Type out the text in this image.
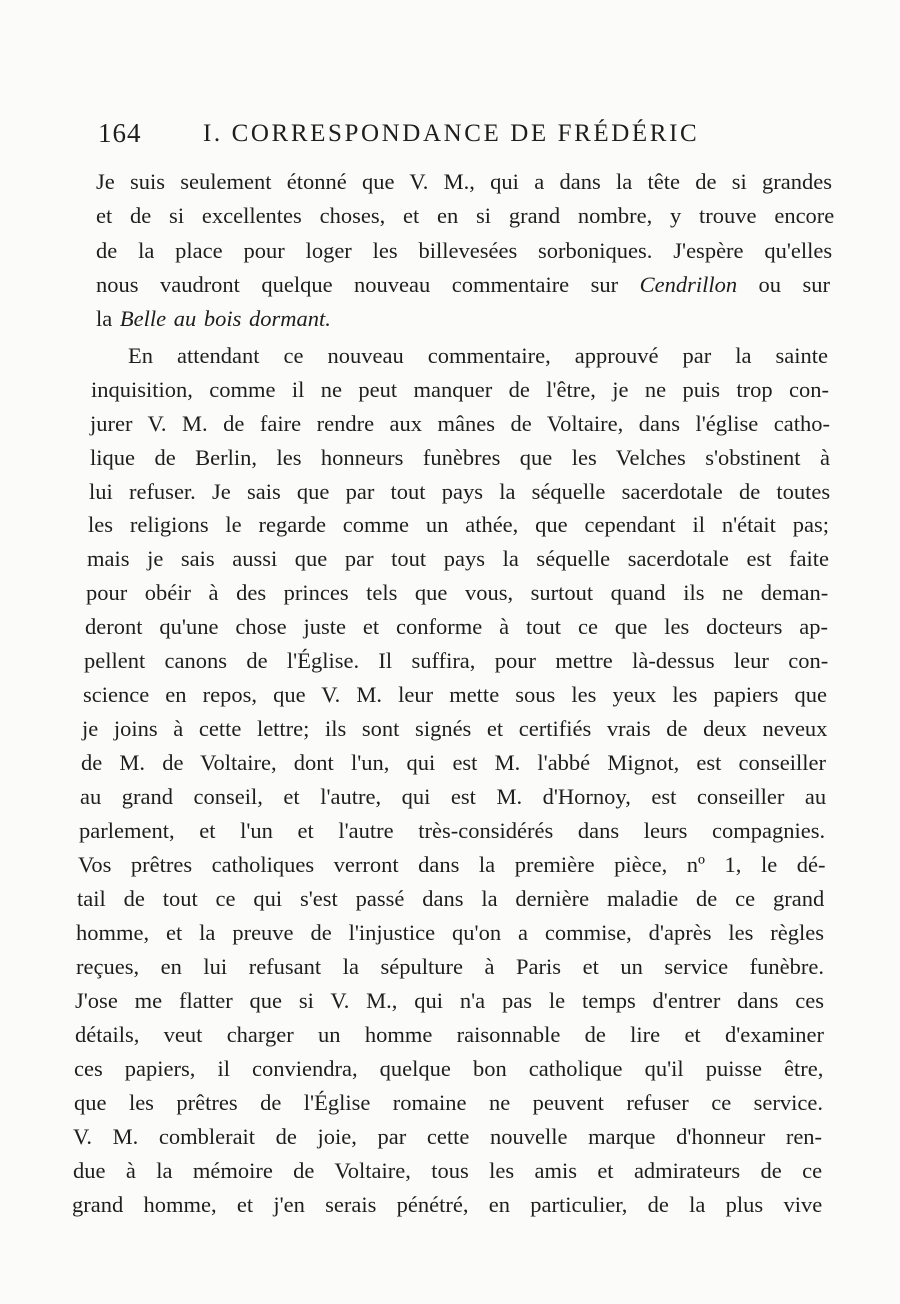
164 I. CORRESPONDANCE DE FRÉDÉRIC
Je suis seulement étonné que V. M., qui a dans la tête de si grandes
et de si excellentes choses, et en si grand nombre, y trouve encore
de la place pour loger les billevesées sorboniques. J'espère qu'elles
nous vaudront quelque nouveau commentaire sur Cendrillon ou sur
la Belle au bois dormant.
En attendant ce nouveau commentaire, approuvé par la sainte
inquisition, comme il ne peut manquer de l'être, je ne puis trop con-
jurer V. M. de faire rendre aux mânes de Voltaire, dans l'église catho-
lique de Berlin, les honneurs funèbres que les Velches s'obstinent à
lui refuser. Je sais que par tout pays la séquelle sacerdotale de toutes
les religions le regarde comme un athée, que cependant il n'était pas;
mais je sais aussi que par tout pays la séquelle sacerdotale est faite
pour obéir à des princes tels que vous, surtout quand ils ne deman-
deront qu'une chose juste et conforme à tout ce que les docteurs ap-
pellent canons de l'Église. Il suffira, pour mettre là-dessus leur con-
science en repos, que V. M. leur mette sous les yeux les papiers que
je joins à cette lettre; ils sont signés et certifiés vrais de deux neveux
de M. de Voltaire, dont l'un, qui est M. l'abbé Mignot, est conseiller
au grand conseil, et l'autre, qui est M. d'Hornoy, est conseiller au
parlement, et l'un et l'autre très-considérés dans leurs compagnies.
Vos prêtres catholiques verront dans la première pièce, nº 1, le dé-
tail de tout ce qui s'est passé dans la dernière maladie de ce grand
homme, et la preuve de l'injustice qu'on a commise, d'après les règles
reçues, en lui refusant la sépulture à Paris et un service funèbre.
J'ose me flatter que si V. M., qui n'a pas le temps d'entrer dans ces
détails, veut charger un homme raisonnable de lire et d'examiner
ces papiers, il conviendra, quelque bon catholique qu'il puisse être,
que les prêtres de l'Église romaine ne peuvent refuser ce service.
V. M. comblerait de joie, par cette nouvelle marque d'honneur ren-
due à la mémoire de Voltaire, tous les amis et admirateurs de ce
grand homme, et j'en serais pénétré, en particulier, de la plus vive
